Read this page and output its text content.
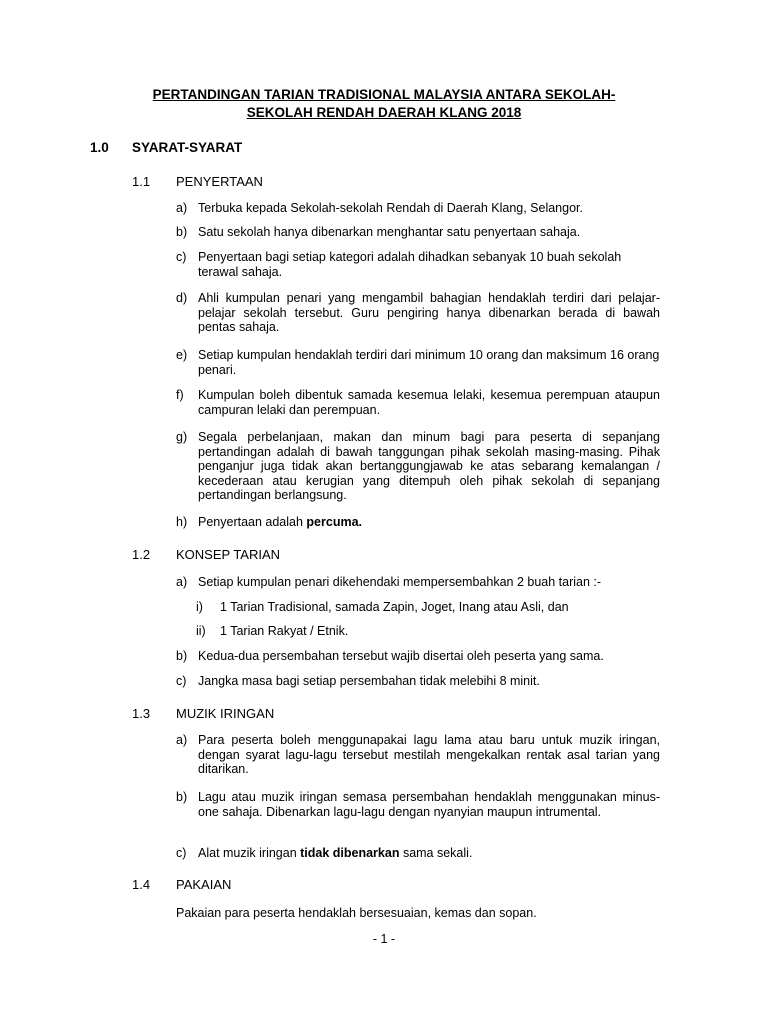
PERTANDINGAN TARIAN TRADISIONAL MALAYSIA ANTARA SEKOLAH-
SEKOLAH RENDAH DAERAH KLANG 2018
1.0 SYARAT-SYARAT
1.1 PENYERTAAN
a) Terbuka kepada Sekolah-sekolah Rendah di Daerah Klang, Selangor.
b) Satu sekolah hanya dibenarkan menghantar satu penyertaan sahaja.
c) Penyertaan bagi setiap kategori adalah dihadkan sebanyak 10 buah sekolah terawal sahaja.
d) Ahli kumpulan penari yang mengambil bahagian hendaklah terdiri dari pelajar-pelajar sekolah tersebut. Guru pengiring hanya dibenarkan berada di bawah pentas sahaja.
e) Setiap kumpulan hendaklah terdiri dari minimum 10 orang dan maksimum 16 orang penari.
f) Kumpulan boleh dibentuk samada kesemua lelaki, kesemua perempuan ataupun campuran lelaki dan perempuan.
g) Segala perbelanjaan, makan dan minum bagi para peserta di sepanjang pertandingan adalah di bawah tanggungan pihak sekolah masing-masing. Pihak penganjur juga tidak akan bertanggungjawab ke atas sebarang kemalangan / kecederaan atau kerugian yang ditempuh oleh pihak sekolah di sepanjang pertandingan berlangsung.
h) Penyertaan adalah percuma.
1.2 KONSEP TARIAN
a) Setiap kumpulan penari dikehendaki mempersembahkan 2 buah tarian :-
i) 1 Tarian Tradisional, samada Zapin, Joget, Inang atau Asli, dan
ii) 1 Tarian Rakyat / Etnik.
b) Kedua-dua persembahan tersebut wajib disertai oleh peserta yang sama.
c) Jangka masa bagi setiap persembahan tidak melebihi 8 minit.
1.3 MUZIK IRINGAN
a) Para peserta boleh menggunapakai lagu lama atau baru untuk muzik iringan, dengan syarat lagu-lagu tersebut mestilah mengekalkan rentak asal tarian yang ditarikan.
b) Lagu atau muzik iringan semasa persembahan hendaklah menggunakan minus-one sahaja. Dibenarkan lagu-lagu dengan nyanyian maupun intrumental.
c) Alat muzik iringan tidak dibenarkan sama sekali.
1.4 PAKAIAN
Pakaian para peserta hendaklah bersesuaian, kemas dan sopan.
- 1 -
